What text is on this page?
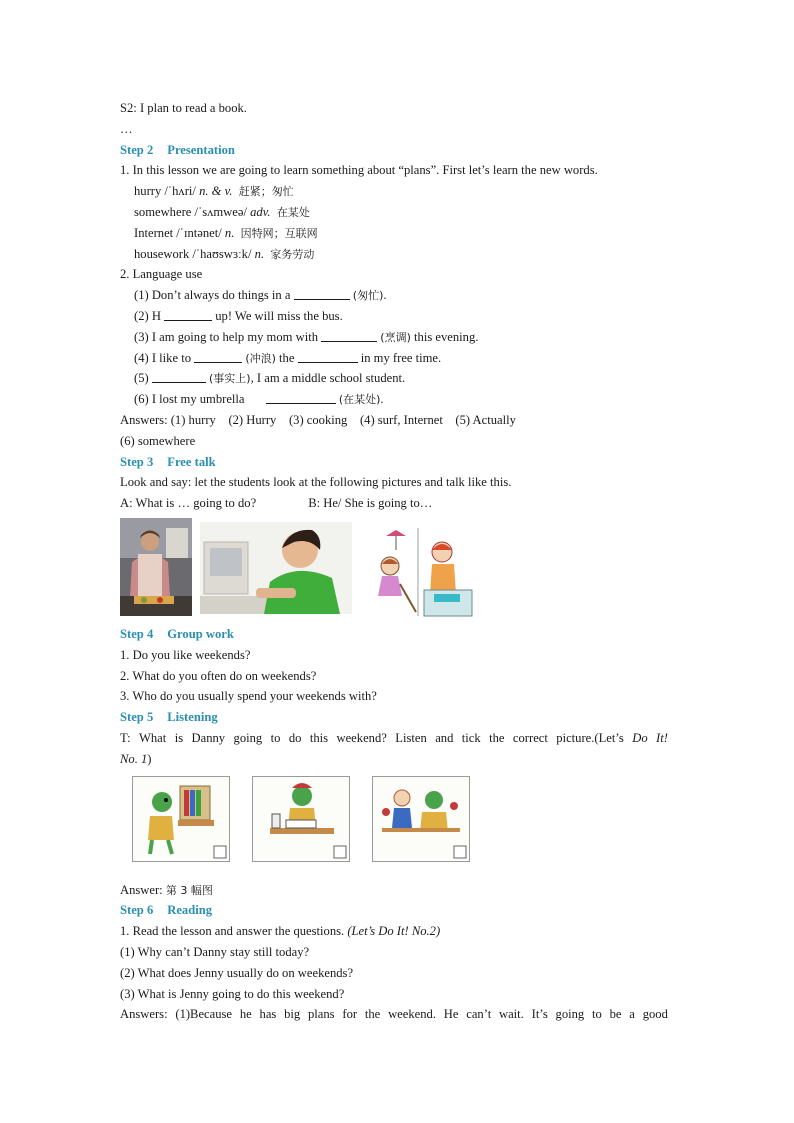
S2: I plan to read a book.
…
Step 2 Presentation
1. In this lesson we are going to learn something about “plans”. First let’s learn the new words.
hurry /ˈhʌri/ n. & v. 赶紧；匆忙
somewhere /ˈsʌmweə/ adv. 在某处
Internet /ˈɪntənet/ n. 因特网；互联网
housework /ˈhaʊswɜːk/ n. 家务劳动
2. Language use
(1) Don’t always do things in a	(匆忙).
(2) H	up! We will miss the bus.
(3) I am going to help my mom with	(烹调) this evening.
(4) I like to	(冲浪) the	in my free time.
(5)	(事实上), I am a middle school student.
(6) I lost my umbrella	(在某处).
Answers: (1) hurry (2) Hurry (3) cooking (4) surf, Internet (5) Actually
(6) somewhere
Step 3 Free talk
Look and say: let the students look at the following pictures and talk like this.
A: What is … going to do?	B: He/ She is going to…
Step 4 Group work
1. Do you like weekends?
2. What do you often do on weekends?
3. Who do you usually spend your weekends with?
Step 5 Listening
T: What is Danny going to do this weekend? Listen and tick the correct picture.(Let’s Do It!
No. 1)
Answer: 第 3 幅图
Step 6 Reading
1. Read the lesson and answer the questions. (Let’s Do It! No.2)
(1) Why can’t Danny stay still today?
(2) What does Jenny usually do on weekends?
(3) What is Jenny going to do this weekend?
Answers: (1)Because he has big plans for the weekend. He can’t wait. It’s going to be a good
